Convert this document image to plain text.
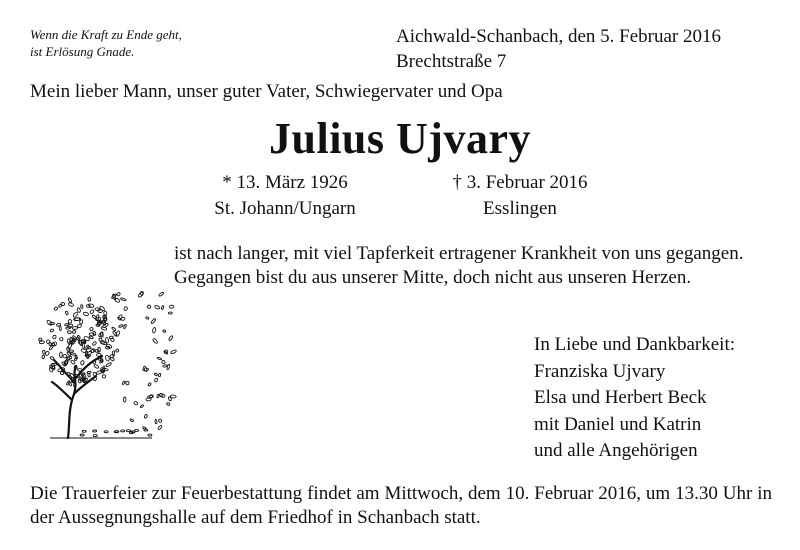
Wenn die Kraft zu Ende geht,
ist Erlösung Gnade.
Aichwald-Schanbach, den 5. Februar 2016
Brechtstraße 7
Mein lieber Mann, unser guter Vater, Schwiegervater und Opa
Julius Ujvary
* 13. März 1926
St. Johann/Ungarn
† 3. Februar 2016
Esslingen

ist nach langer, mit viel Tapferkeit ertragener Krankheit von uns gegangen.

Gegangen bist du aus unserer Mitte, doch nicht aus unseren Herzen.

In Liebe und Dankbarkeit:
Franziska Ujvary
Elsa und Herbert Beck
mit Daniel und Katrin
und alle Angehörigen
Die Trauerfeier zur Feuerbestattung findet am Mittwoch, dem 10. Februar 2016, um 13.30 Uhr in der Aussegnungshalle auf dem Friedhof in Schanbach statt.
